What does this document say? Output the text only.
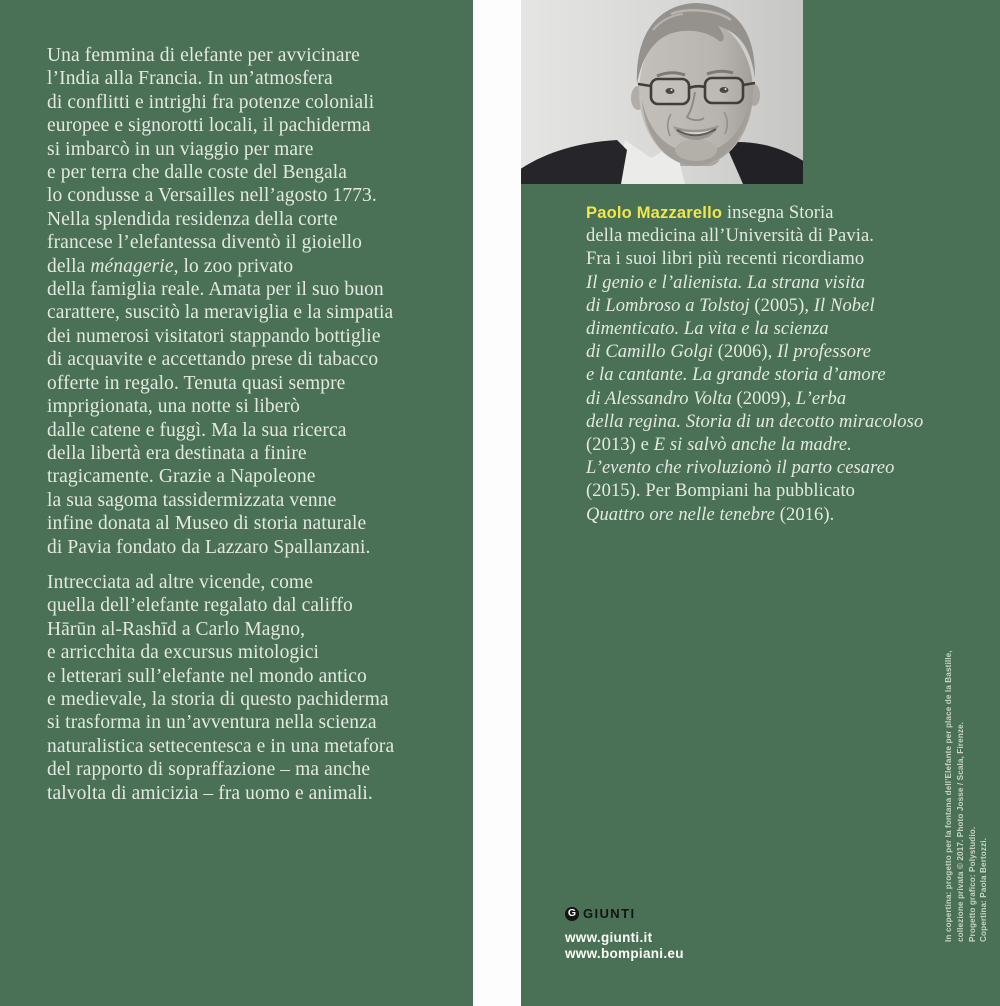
Una femmina di elefante per avvicinare
l’India alla Francia. In un’atmosfera
di conflitti e intrighi fra potenze coloniali
europee e signorotti locali, il pachiderma
si imbarcò in un viaggio per mare
e per terra che dalle coste del Bengala
lo condusse a Versailles nell’agosto 1773.
Nella splendida residenza della corte
francese l’elefantessa diventò il gioiello
della ménagerie, lo zoo privato
della famiglia reale. Amata per il suo buon
carattere, suscitò la meraviglia e la simpatia
dei numerosi visitatori stappando bottiglie
di acquavite e accettando prese di tabacco
offerte in regalo. Tenuta quasi sempre
imprigionata, una notte si liberò
dalle catene e fuggì. Ma la sua ricerca
della libertà era destinata a finire
tragicamente. Grazie a Napoleone
la sua sagoma tassidermizzata venne
infine donata al Museo di storia naturale
di Pavia fondato da Lazzaro Spallanzani.

Intrecciata ad altre vicende, come
quella dell’elefante regalato dal califfo
Hārūn al-Rashīd a Carlo Magno,
e arricchita da excursus mitologici
e letterari sull’elefante nel mondo antico
e medievale, la storia di questo pachiderma
si trasforma in un’avventura nella scienza
naturalistica settecentesca e in una metafora
del rapporto di sopraffazione – ma anche
talvolta di amicizia – fra uomo e animali.

Paolo Mazzarello insegna Storia
della medicina all’Università di Pavia.
Fra i suoi libri più recenti ricordiamo
Il genio e l’alienista. La strana visita
di Lombroso a Tolstoj (2005), Il Nobel
dimenticato. La vita e la scienza
di Camillo Golgi (2006), Il professore
e la cantante. La grande storia d’amore
di Alessandro Volta (2009), L’erba
della regina. Storia di un decotto miracoloso
(2013) e E si salvò anche la madre.
L’evento che rivoluzionò il parto cesareo
(2015). Per Bompiani ha pubblicato
Quattro ore nelle tenebre (2016).
G GIUNTI
www.giunti.it
www.bompiani.eu
In copertina: progetto per la fontana dell’Elefante per place de la Bastille, collezione privata © 2017. Photo Josse / Scala, Firenze. Progetto grafico: Polystudio. Copertina: Paola Bertozzi.
